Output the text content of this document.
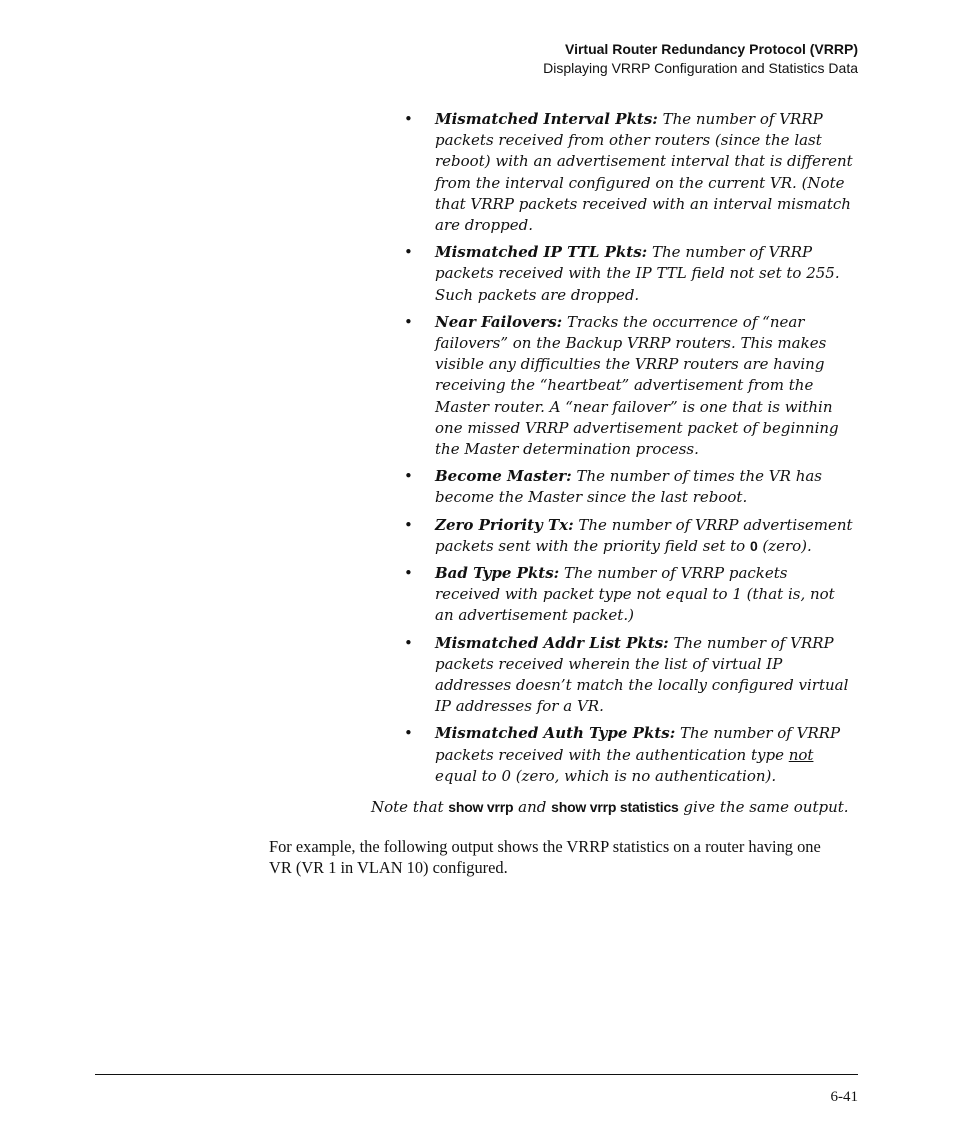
Virtual Router Redundancy Protocol (VRRP)
Displaying VRRP Configuration and Statistics Data
• Mismatched Interval Pkts: The number of VRRP packets received from other routers (since the last reboot) with an advertisement interval that is different from the interval configured on the current VR. (Note that VRRP packets received with an interval mismatch are dropped.
• Mismatched IP TTL Pkts: The number of VRRP packets received with the IP TTL field not set to 255. Such packets are dropped.
• Near Failovers: Tracks the occurrence of “near failovers” on the Backup VRRP routers. This makes visible any difficulties the VRRP routers are having receiving the “heartbeat” advertisement from the Master router. A “near failover” is one that is within one missed VRRP advertisement packet of beginning the Master determination process.
• Become Master: The number of times the VR has become the Master since the last reboot.
• Zero Priority Tx: The number of VRRP advertisement packets sent with the priority field set to 0 (zero).
• Bad Type Pkts: The number of VRRP packets received with packet type not equal to 1 (that is, not an advertisement packet.)
• Mismatched Addr List Pkts: The number of VRRP packets received wherein the list of virtual IP addresses doesn’t match the locally configured virtual IP addresses for a VR.
• Mismatched Auth Type Pkts: The number of VRRP packets received with the authentication type not equal to 0 (zero, which is no authentication).
Note that show vrrp and show vrrp statistics give the same output.
For example, the following output shows the VRRP statistics on a router having one VR (VR 1 in VLAN 10) configured.
6-41
